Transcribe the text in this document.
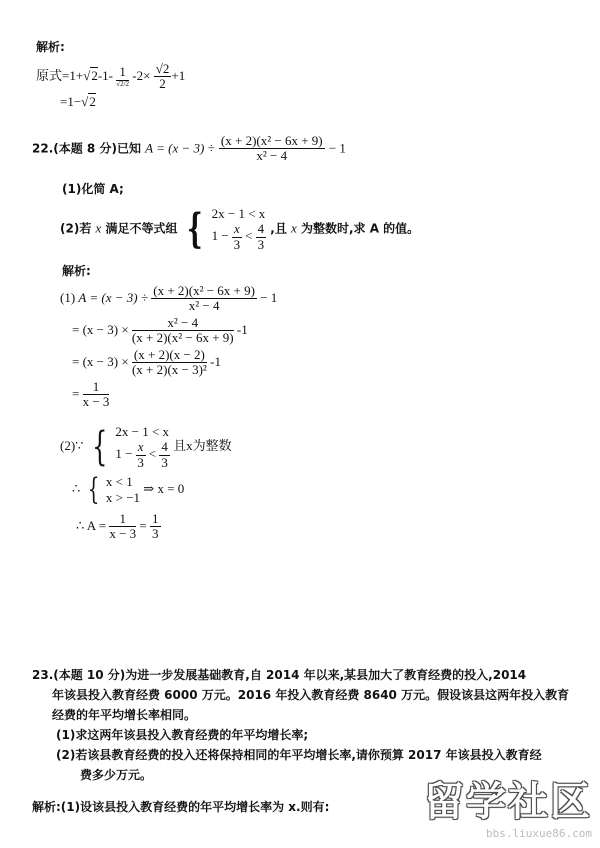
解析:
原式$=1+√2-1- \frac{1}{√2/2} -2\times \frac{√2}{2} +1$
=1−√2
22.(本题 8 分)已知 $A = (x - 3) \div \frac{\text{(x + 2)(x² − 6x + 9)}}{\text{x² − 4}} - 1$
(1)化简 A;
(2)若 x 满足不等式组 { 2x − 1 < x
$1 - \frac{x}{3} < \frac{4}{3}$ ,且 x 为整数时,求 A 的值。
解析:
(1) $A = (x - 3) \div \frac{\text{(x + 2)(x² − 6x + 9)}}{\text{x² − 4}} - 1$
= $(x - 3) \times \frac{\text{x² − 4}}{\text{(x + 2)(x² − 6x + 9)}} -1$
= $(x - 3) \times \frac{(x + 2)(x - 2)}{\text{(x + 2)(x − 3)²}} -1$
= $\frac{1}{x - 3}$
(2)∵ { 2x − 1 < x
$1 - \frac{x}{3} < \frac{4}{3}$ 且x为整数
∴ { x < 1
x > −1
⇒ x = 0
∴ $A = \frac{1}{x - 3} = \frac{1}{3}$
23.(本题 10 分)为进一步发展基础教育,自 2014 年以来,某县加大了教育经费的投入,2014
年该县投入教育经费 6000 万元。2016 年投入教育经费 8640 万元。假设该县这两年投入教育
经费的年平均增长率相同。
(1)求这两年该县投入教育经费的年平均增长率;
(2)若该县教育经费的投入还将保持相同的年平均增长率,请你预算 2017 年该县投入教育经
费多少万元。
解析:(1)设该县投入教育经费的年平均增长率为 x.则有: 留学社区
bbs.liuxue86.com
